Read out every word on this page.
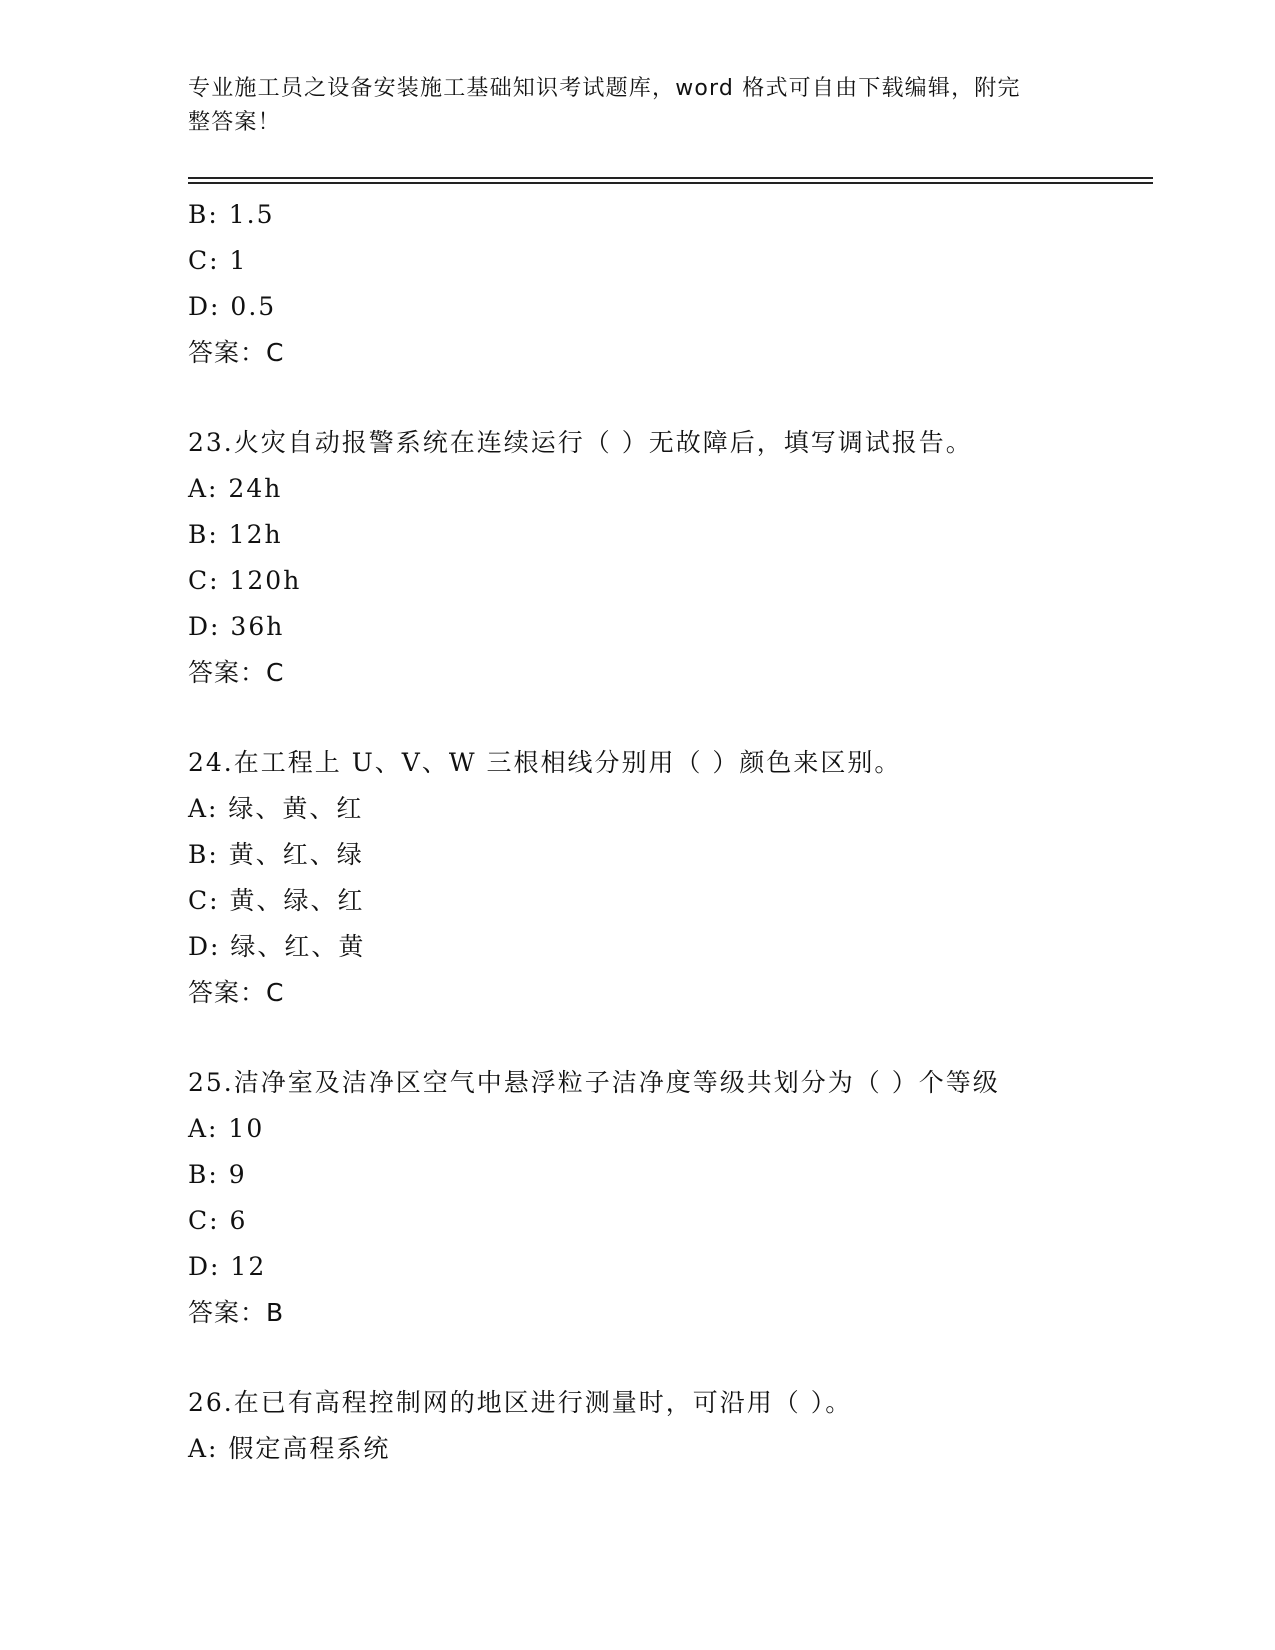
专业施工员之设备安装施工基础知识考试题库，word 格式可自由下载编辑，附完
整答案！
B: 1.5
C: 1
D: 0.5
答案：C
23.火灾自动报警系统在连续运行（ ）无故障后，填写调试报告。
A: 24h
B: 12h
C: 120h
D: 36h
答案：C
24.在工程上 U、V、W 三根相线分别用（ ）颜色来区别。
A: 绿、黄、红
B: 黄、红、绿
C: 黄、绿、红
D: 绿、红、黄
答案：C
25.洁净室及洁净区空气中悬浮粒子洁净度等级共划分为（ ）个等级
A: 10
B: 9
C: 6
D: 12
答案：B
26.在已有高程控制网的地区进行测量时，可沿用（ ）。
A: 假定高程系统
